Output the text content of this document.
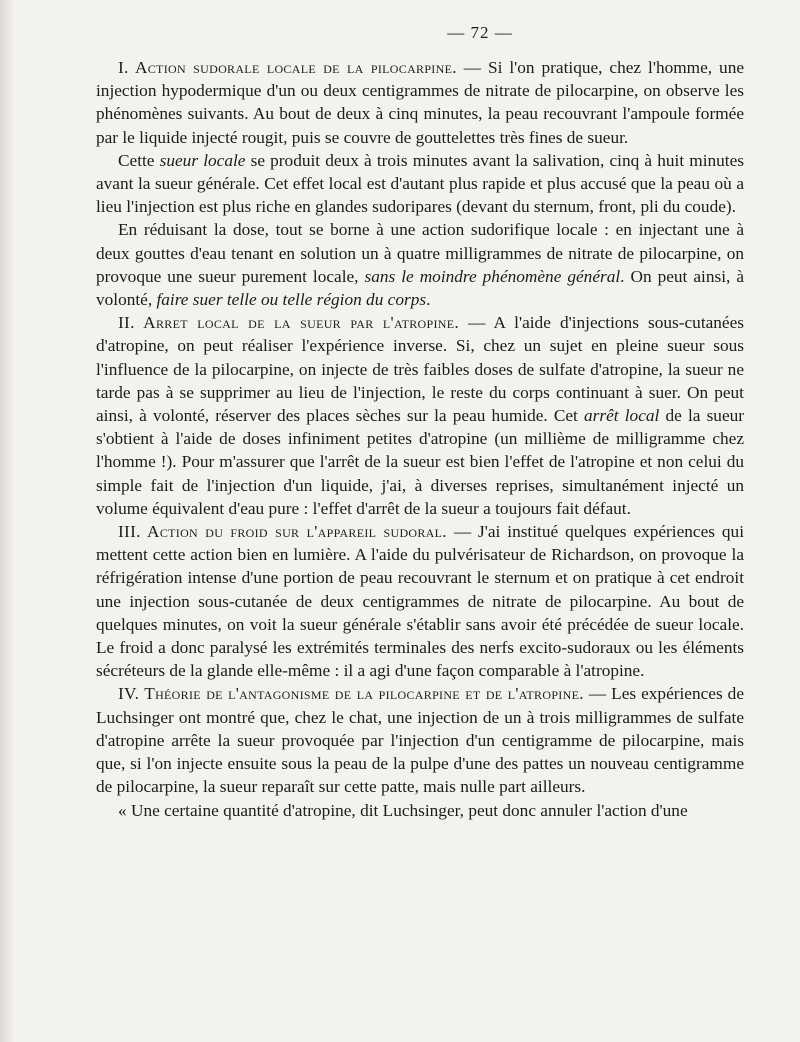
— 72 —

I. Action sudorale locale de la pilocarpine. — Si l'on pratique, chez l'homme, une injection hypodermique d'un ou deux centigrammes de nitrate de pilocarpine, on observe les phénomènes suivants. Au bout de deux à cinq minutes, la peau recouvrant l'ampoule formée par le liquide injecté rougit, puis se couvre de gouttelettes très fines de sueur.

Cette sueur locale se produit deux à trois minutes avant la salivation, cinq à huit minutes avant la sueur générale. Cet effet local est d'autant plus rapide et plus accusé que la peau où a lieu l'injection est plus riche en glandes sudoripares (devant du sternum, front, pli du coude).

En réduisant la dose, tout se borne à une action sudorifique locale : en injectant une à deux gouttes d'eau tenant en solution un à quatre milligrammes de nitrate de pilocarpine, on provoque une sueur purement locale, sans le moindre phénomène général. On peut ainsi, à volonté, faire suer telle ou telle région du corps.

II. Arret local de la sueur par l'atropine. — A l'aide d'injections sous-cutanées d'atropine, on peut réaliser l'expérience inverse. Si, chez un sujet en pleine sueur sous l'influence de la pilocarpine, on injecte de très faibles doses de sulfate d'atropine, la sueur ne tarde pas à se supprimer au lieu de l'injection, le reste du corps continuant à suer. On peut ainsi, à volonté, réserver des places sèches sur la peau humide. Cet arrêt local de la sueur s'obtient à l'aide de doses infiniment petites d'atropine (un millième de milligramme chez l'homme !). Pour m'assurer que l'arrêt de la sueur est bien l'effet de l'atropine et non celui du simple fait de l'injection d'un liquide, j'ai, à diverses reprises, simultanément injecté un volume équivalent d'eau pure : l'effet d'arrêt de la sueur a toujours fait défaut.

III. Action du froid sur l'appareil sudoral. — J'ai institué quelques expériences qui mettent cette action bien en lumière. A l'aide du pulvérisateur de Richardson, on provoque la réfrigération intense d'une portion de peau recouvrant le sternum et on pratique à cet endroit une injection sous-cutanée de deux centigrammes de nitrate de pilocarpine. Au bout de quelques minutes, on voit la sueur générale s'établir sans avoir été précédée de sueur locale. Le froid a donc paralysé les extrémités terminales des nerfs excito-sudoraux ou les éléments sécréteurs de la glande elle-même : il a agi d'une façon comparable à l'atropine.

IV. Théorie de l'antagonisme de la pilocarpine et de l'atropine. — Les expériences de Luchsinger ont montré que, chez le chat, une injection de un à trois milligrammes de sulfate d'atropine arrête la sueur provoquée par l'injection d'un centigramme de pilocarpine, mais que, si l'on injecte ensuite sous la peau de la pulpe d'une des pattes un nouveau centigramme de pilocarpine, la sueur reparaît sur cette patte, mais nulle part ailleurs.

« Une certaine quantité d'atropine, dit Luchsinger, peut donc annuler l'action d'une
